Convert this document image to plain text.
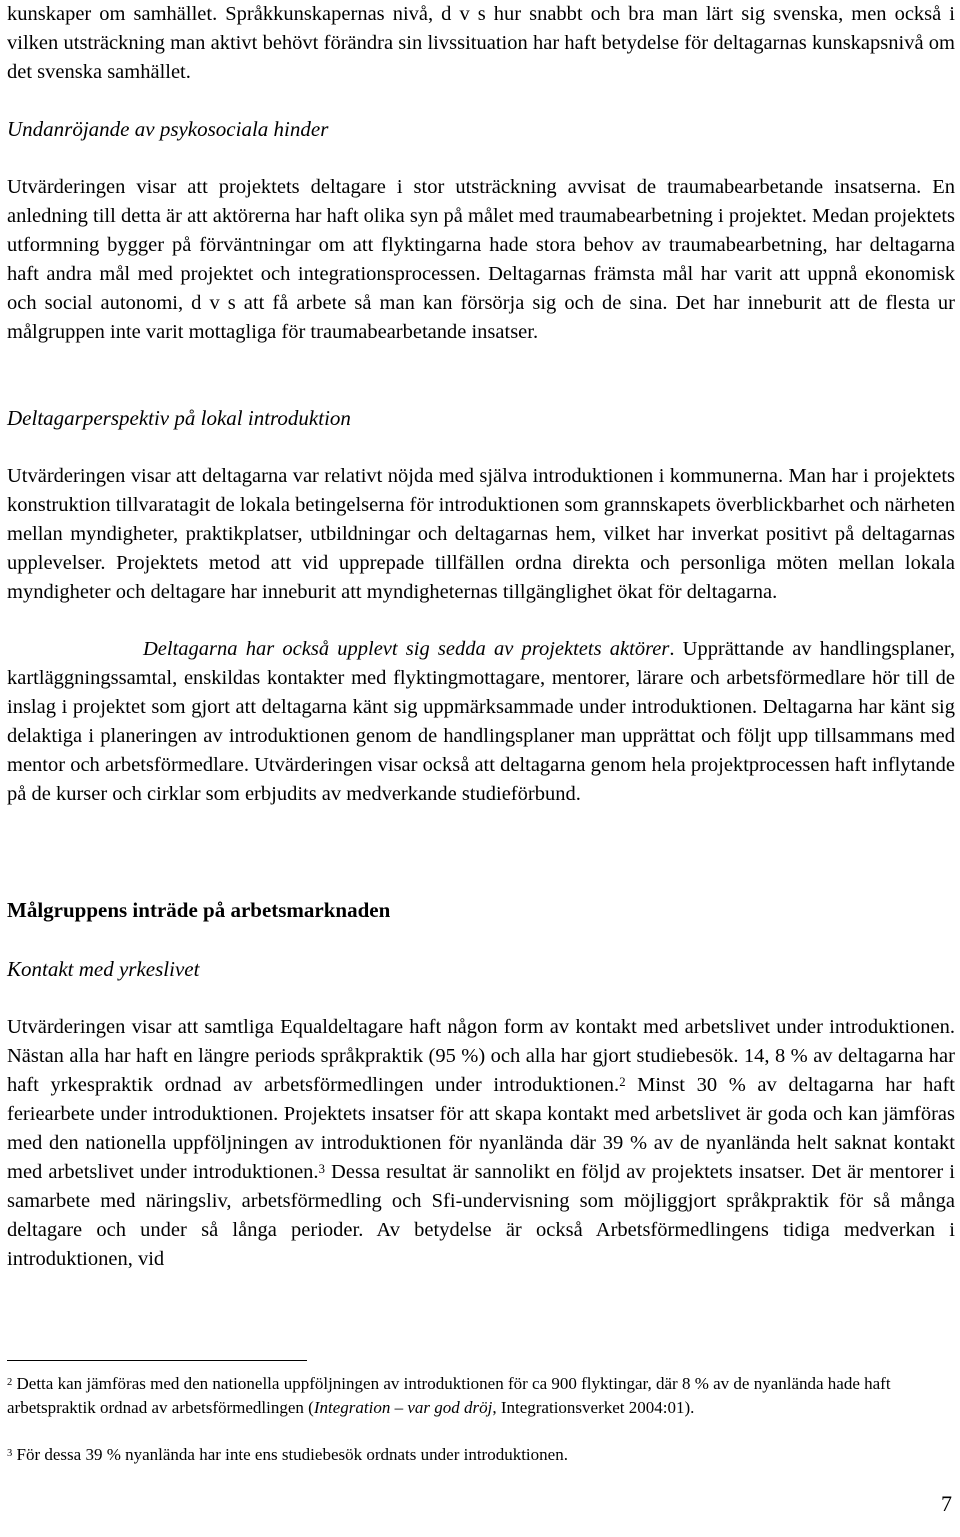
kunskaper om samhället. Språkkunskapernas nivå, d v s hur snabbt och bra man lärt sig svenska, men också i vilken utsträckning man aktivt behövt förändra sin livssituation har haft betydelse för deltagarnas kunskapsnivå om det svenska samhället.

Undanröjande av psykosociala hinder

Utvärderingen visar att projektets deltagare i stor utsträckning avvisat de traumabearbetande insatserna. En anledning till detta är att aktörerna har haft olika syn på målet med traumabearbetning i projektet. Medan projektets utformning bygger på förväntningar om att flyktingarna hade stora behov av traumabearbetning, har deltagarna haft andra mål med projektet och integrationsprocessen. Deltagarnas främsta mål har varit att uppnå ekonomisk och social autonomi, d v s att få arbete så man kan försörja sig och de sina. Det har inneburit att de flesta ur målgruppen inte varit mottagliga för traumabearbetande insatser.

Deltagarperspektiv på lokal introduktion

Utvärderingen visar att deltagarna var relativt nöjda med själva introduktionen i kommunerna. Man har i projektets konstruktion tillvaratagit de lokala betingelserna för introduktionen som grannskapets överblickbarhet och närheten mellan myndigheter, praktikplatser, utbildningar och deltagarnas hem, vilket har inverkat positivt på deltagarnas upplevelser. Projektets metod att vid upprepade tillfällen ordna direkta och personliga möten mellan lokala myndigheter och deltagare har inneburit att myndigheternas tillgänglighet ökat för deltagarna.

Deltagarna har också upplevt sig sedda av projektets aktörer. Upprättande av handlingsplaner, kartläggningssamtal, enskildas kontakter med flyktingmottagare, mentorer, lärare och arbetsförmedlare hör till de inslag i projektet som gjort att deltagarna känt sig uppmärksammade under introduktionen. Deltagarna har känt sig delaktiga i planeringen av introduktionen genom de handlingsplaner man upprättat och följt upp tillsammans med mentor och arbetsförmedlare. Utvärderingen visar också att deltagarna genom hela projektprocessen haft inflytande på de kurser och cirklar som erbjudits av medverkande studieförbund.

Målgruppens inträde på arbetsmarknaden
Kontakt med yrkeslivet

Utvärderingen visar att samtliga Equaldeltagare haft någon form av kontakt med arbetslivet under introduktionen. Nästan alla har haft en längre periods språkpraktik (95 %) och alla har gjort studiebesök. 14, 8 % av deltagarna har haft yrkespraktik ordnad av arbetsförmedlingen under introduktionen.$^2$ Minst 30 % av deltagarna har haft feriearbete under introduktionen. Projektets insatser för att skapa kontakt med arbetslivet är goda och kan jämföras med den nationella uppföljningen av introduktionen för nyanlända där 39 % av de nyanlända helt saknat kontakt med arbetslivet under introduktionen.$^3$ Dessa resultat är sannolikt en följd av projektets insatser. Det är mentorer i samarbete med näringsliv, arbetsförmedling och Sfi-undervisning som möjliggjort språkpraktik för så många deltagare och under så långa perioder. Av betydelse är också Arbetsförmedlingens tidiga medverkan i introduktionen, vid

$^2$ Detta kan jämföras med den nationella uppföljningen av introduktionen för ca 900 flyktingar, där 8 % av de nyanlända hade haft arbetspraktik ordnad av arbetsförmedlingen (Integration – var god dröj, Integrationsverket 2004:01).

$^3$ För dessa 39 % nyanlända har inte ens studiebesök ordnats under introduktionen.

7
